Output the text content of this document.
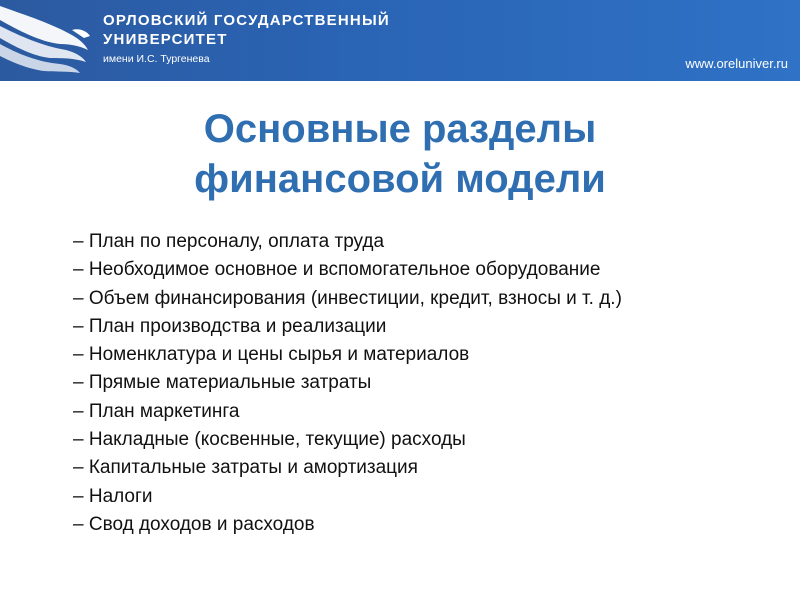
ОРЛОВСКИЙ ГОСУДАРСТВЕННЫЙ
УНИВЕРСИТЕТ
имени И.С. Тургенева	www.oreluniver.ru
Основные разделы
финансовой модели
– План по персоналу, оплата труда
– Необходимое основное и вспомогательное оборудование
– Объем финансирования (инвестиции, кредит, взносы и т. д.)
– План производства и реализации
– Номенклатура и цены сырья и материалов
– Прямые материальные затраты
– План маркетинга
– Накладные (косвенные, текущие) расходы
– Капитальные затраты и амортизация
– Налоги
– Свод доходов и расходов
